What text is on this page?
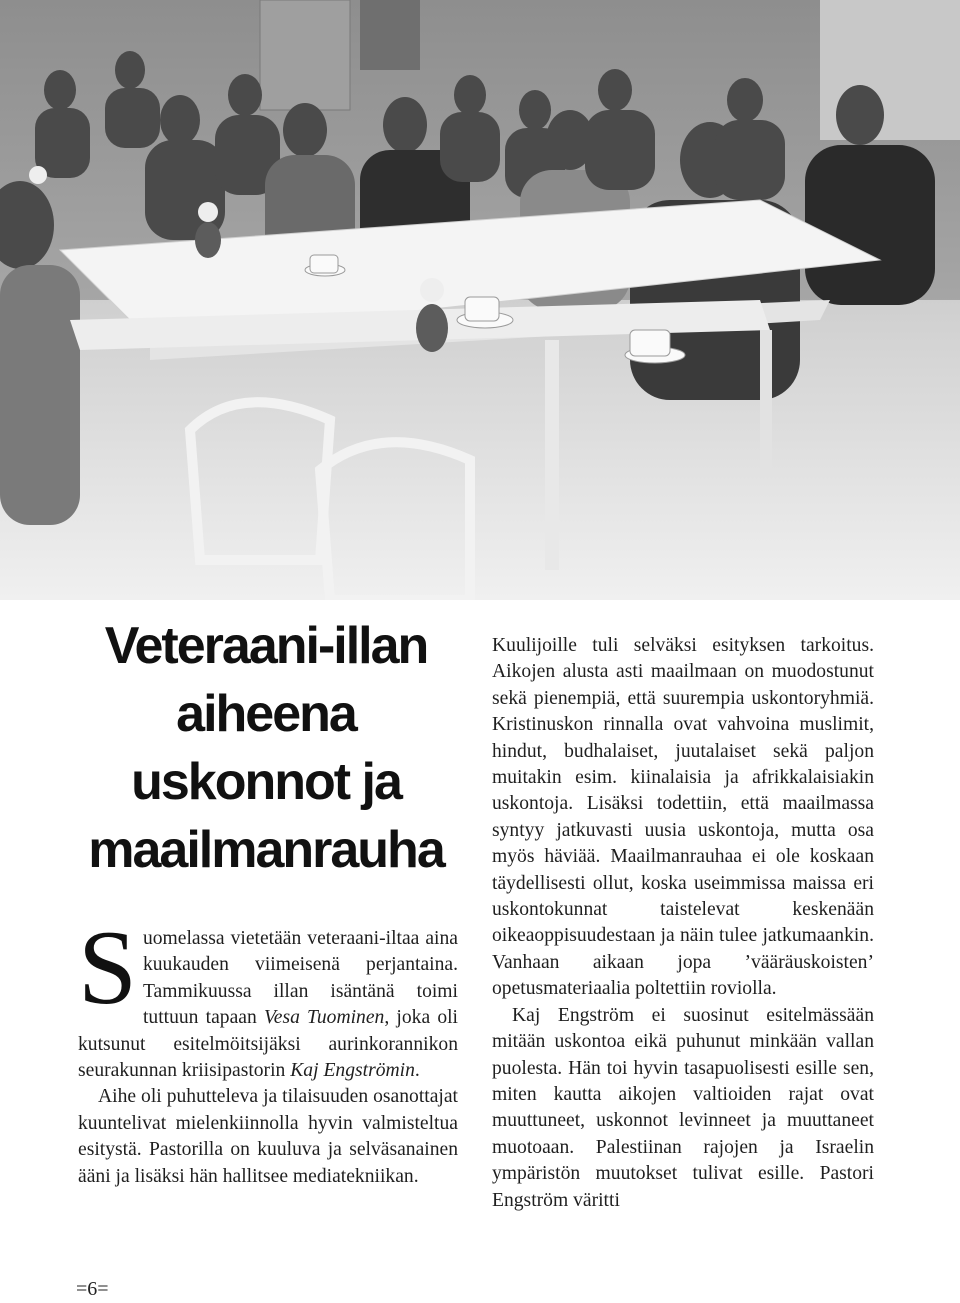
Veteraani-illan aiheena uskonnot ja maailmanrauha

Suomelassa vietetään veteraani-iltaa aina kuukauden viimeisenä perjantaina. Tammikuussa illan isäntänä toimi tuttuun tapaan Vesa Tuominen, joka oli kutsunut esitelmöitsijäksi aurinkorannikon seurakunnan kriisipastorin Kaj Engströmin.

Aihe oli puhutteleva ja tilaisuuden osanottajat kuuntelivat mielenkiinnolla hyvin valmisteltua esitystä. Pastorilla on kuuluva ja selväsanainen ääni ja lisäksi hän hallitsee mediatekniikan.

Kuulijoille tuli selväksi esityksen tarkoitus. Aikojen alusta asti maailmaan on muodostunut sekä pienempiä, että suurempia uskontoryhmiä. Kristinuskon rinnalla ovat vahvoina muslimit, hindut, budhalaiset, juutalaiset sekä paljon muitakin esim. kiinalaisia ja afrikkalaisiakin uskontoja. Lisäksi todettiin, että maailmassa syntyy jatkuvasti uusia uskontoja, mutta osa myös häviää. Maailmanrauhaa ei ole koskaan täydellisesti ollut, koska useimmissa maissa eri uskontokunnat taistelevat keskenään oikeaoppisuudestaan ja näin tulee jatkumaankin. Vanhaan aikaan jopa ’vääräuskoisten’ opetusmateriaalia poltettiin roviolla.

Kaj Engström ei suosinut esitelmässään mitään uskontoa eikä puhunut minkään vallan puolesta. Hän toi hyvin tasapuolisesti esille sen, miten kautta aikojen valtioiden rajat ovat muuttuneet, uskonnot levinneet ja muuttaneet muotoaan. Palestiinan rajojen ja Israelin ympäristön muutokset tulivat esille. Pastori Engström väritti

=6=
